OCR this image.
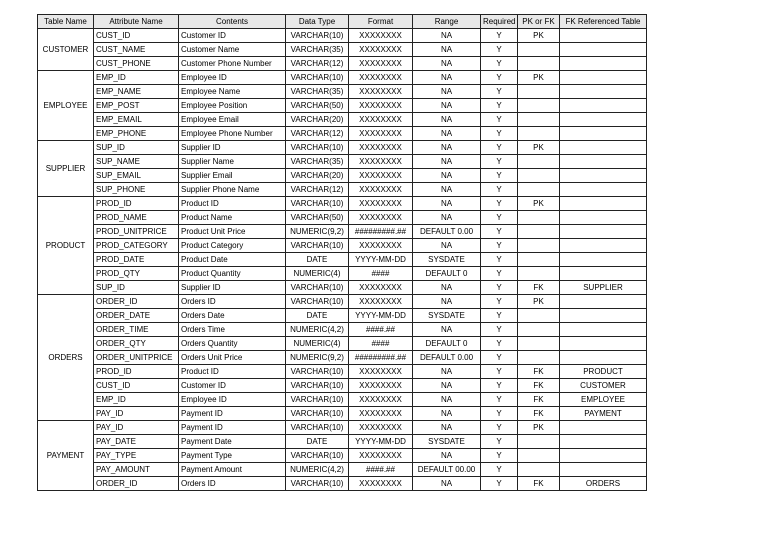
Table Name	Attribute Name	Contents	Data Type	Format	Range	Required	PK or FK	FK Referenced Table
CUSTOMER	CUST_ID	Customer ID	VARCHAR(10)	XXXXXXXX	NA	Y	PK	
	CUST_NAME	Customer Name	VARCHAR(35)	XXXXXXXX	NA	Y		
	CUST_PHONE	Customer Phone Number	VARCHAR(12)	XXXXXXXX	NA	Y		
EMPLOYEE	EMP_ID	Employee ID	VARCHAR(10)	XXXXXXXX	NA	Y	PK	
	EMP_NAME	Employee Name	VARCHAR(35)	XXXXXXXX	NA	Y		
	EMP_POST	Employee Position	VARCHAR(50)	XXXXXXXX	NA	Y		
	EMP_EMAIL	Employee Email	VARCHAR(20)	XXXXXXXX	NA	Y		
	EMP_PHONE	Employee Phone Number	VARCHAR(12)	XXXXXXXX	NA	Y		
SUPPLIER	SUP_ID	Supplier ID	VARCHAR(10)	XXXXXXXX	NA	Y	PK	
	SUP_NAME	Supplier Name	VARCHAR(35)	XXXXXXXX	NA	Y		
	SUP_EMAIL	Supplier Email	VARCHAR(20)	XXXXXXXX	NA	Y		
	SUP_PHONE	Supplier Phone Name	VARCHAR(12)	XXXXXXXX	NA	Y		
PRODUCT	PROD_ID	Product ID	VARCHAR(10)	XXXXXXXX	NA	Y	PK	
	PROD_NAME	Product Name	VARCHAR(50)	XXXXXXXX	NA	Y		
	PROD_UNITPRICE	Product Unit Price	NUMERIC(9,2)	#########.##	DEFAULT 0.00	Y		
	PROD_CATEGORY	Product Category	VARCHAR(10)	XXXXXXXX	NA	Y		
	PROD_DATE	Product Date	DATE	YYYY-MM-DD	SYSDATE	Y		
	PROD_QTY	Product Quantity	NUMERIC(4)	####	DEFAULT 0	Y		
	SUP_ID	Supplier ID	VARCHAR(10)	XXXXXXXX	NA	Y	FK	SUPPLIER
ORDERS	ORDER_ID	Orders ID	VARCHAR(10)	XXXXXXXX	NA	Y	PK	
	ORDER_DATE	Orders Date	DATE	YYYY-MM-DD	SYSDATE	Y		
	ORDER_TIME	Orders Time	NUMERIC(4,2)	####.##	NA	Y		
	ORDER_QTY	Orders Quantity	NUMERIC(4)	####	DEFAULT 0	Y		
	ORDER_UNITPRICE	Orders Unit Price	NUMERIC(9,2)	#########.##	DEFAULT 0.00	Y		
	PROD_ID	Product ID	VARCHAR(10)	XXXXXXXX	NA	Y	FK	PRODUCT
	CUST_ID	Customer ID	VARCHAR(10)	XXXXXXXX	NA	Y	FK	CUSTOMER
	EMP_ID	Employee ID	VARCHAR(10)	XXXXXXXX	NA	Y	FK	EMPLOYEE
	PAY_ID	Payment ID	VARCHAR(10)	XXXXXXXX	NA	Y	FK	PAYMENT
PAYMENT	PAY_ID	Payment ID	VARCHAR(10)	XXXXXXXX	NA	Y	PK	
	PAY_DATE	Payment Date	DATE	YYYY-MM-DD	SYSDATE	Y		
	PAY_TYPE	Payment Type	VARCHAR(10)	XXXXXXXX	NA	Y		
	PAY_AMOUNT	Payment Amount	NUMERIC(4,2)	####.##	DEFAULT 00.00	Y		
	ORDER_ID	Orders ID	VARCHAR(10)	XXXXXXXX	NA	Y	FK	ORDERS
